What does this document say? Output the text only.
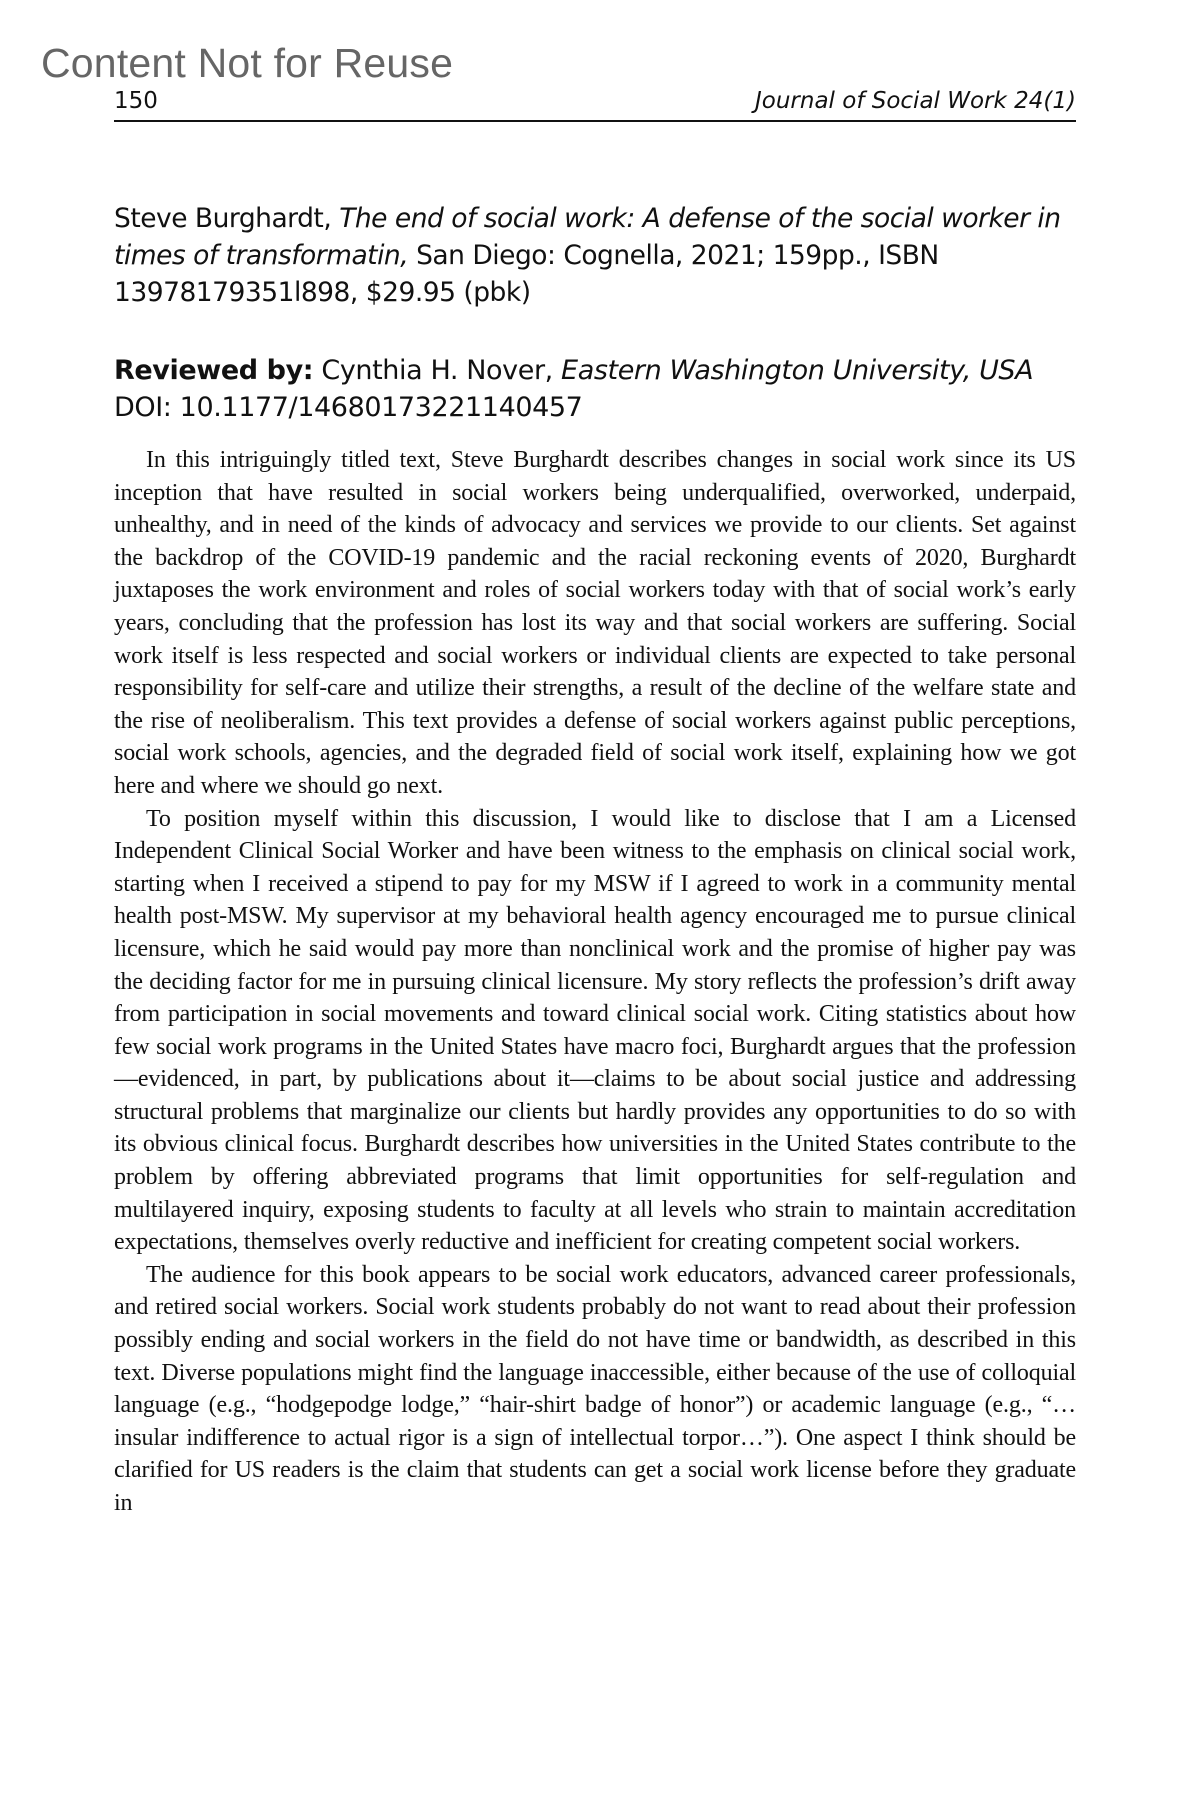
Content Not for Reuse
150	Journal of Social Work 24(1)

Steve Burghardt, The end of social work: A defense of the social worker in times of transformatin, San Diego: Cognella, 2021; 159pp., ISBN 13978179351l898, $29.95 (pbk)

Reviewed by: Cynthia H. Nover, Eastern Washington University, USA
DOI: 10.1177/14680173221140457

In this intriguingly titled text, Steve Burghardt describes changes in social work since its US inception that have resulted in social workers being underqualified, overworked, underpaid, unhealthy, and in need of the kinds of advocacy and services we provide to our clients. Set against the backdrop of the COVID-19 pandemic and the racial reckoning events of 2020, Burghardt juxtaposes the work environment and roles of social workers today with that of social work’s early years, concluding that the profession has lost its way and that social workers are suffering. Social work itself is less respected and social workers or individual clients are expected to take personal responsibility for self-care and utilize their strengths, a result of the decline of the welfare state and the rise of neoliberalism. This text provides a defense of social workers against public perceptions, social work schools, agencies, and the degraded field of social work itself, explaining how we got here and where we should go next.

To position myself within this discussion, I would like to disclose that I am a Licensed Independent Clinical Social Worker and have been witness to the emphasis on clinical social work, starting when I received a stipend to pay for my MSW if I agreed to work in a community mental health post-MSW. My supervisor at my behavioral health agency encouraged me to pursue clinical licensure, which he said would pay more than nonclinical work and the promise of higher pay was the deciding factor for me in pursuing clinical licensure. My story reflects the profession’s drift away from participation in social movements and toward clinical social work. Citing statistics about how few social work programs in the United States have macro foci, Burghardt argues that the profession—evidenced, in part, by publications about it—claims to be about social justice and addressing structural problems that marginalize our clients but hardly provides any opportunities to do so with its obvious clinical focus. Burghardt describes how universities in the United States contribute to the problem by offering abbreviated programs that limit opportunities for self-regulation and multilayered inquiry, exposing students to faculty at all levels who strain to maintain accreditation expectations, themselves overly reductive and inefficient for creating competent social workers.

The audience for this book appears to be social work educators, advanced career professionals, and retired social workers. Social work students probably do not want to read about their profession possibly ending and social workers in the field do not have time or bandwidth, as described in this text. Diverse populations might find the language inaccessible, either because of the use of colloquial language (e.g., “hodgepodge lodge,” “hair-shirt badge of honor”) or academic language (e.g., “…insular indifference to actual rigor is a sign of intellectual torpor…”). One aspect I think should be clarified for US readers is the claim that students can get a social work license before they graduate in
